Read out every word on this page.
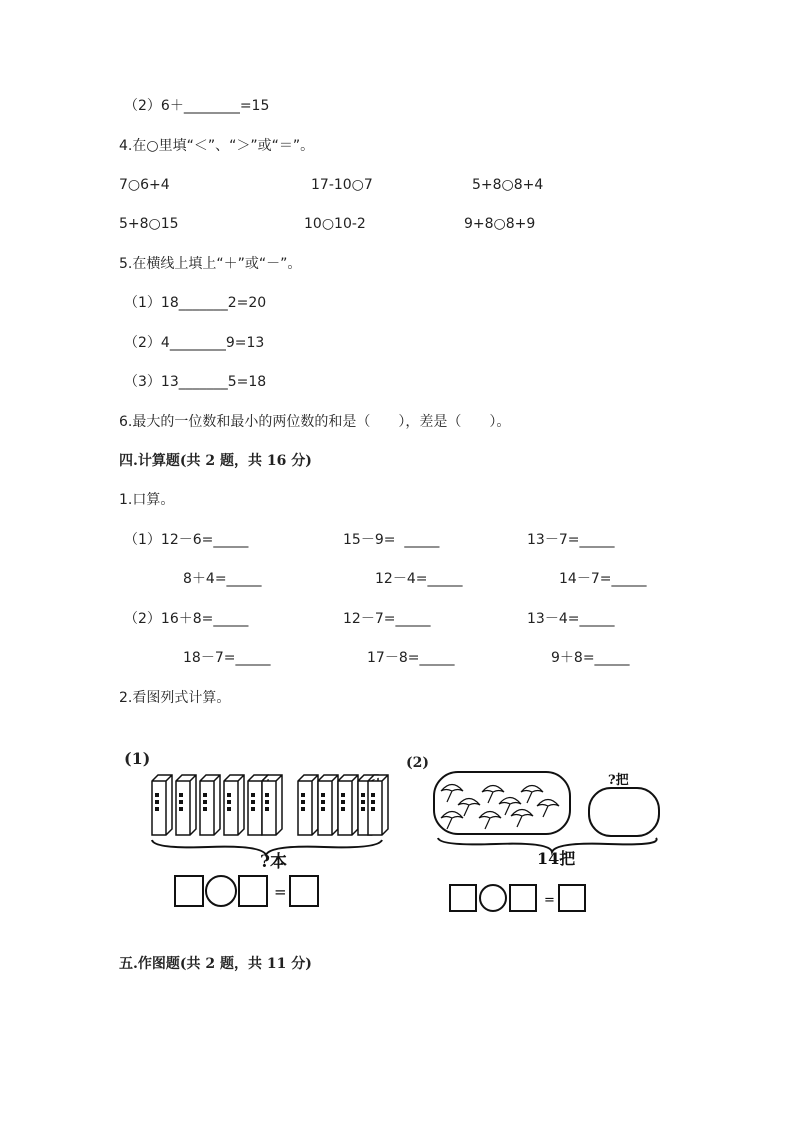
（2）6＋________=15
4.在○里填“＜”、“＞”或“＝”。
7○6+4	17-10○7	5+8○8+4
5+8○15	10○10-2	9+8○8+9
5.在横线上填上“＋”或“－”。
（1）18_______2=20
（2）4________9=13
（3）13_______5=18
6.最大的一位数和最小的两位数的和是（　　），差是（　　）。
四.计算题(共 2 题，共 16 分)
1.口算。
（1）12－6=_____	15－9=  _____	13－7=_____
8＋4=_____	12－4=_____	14－7=_____
（2）16＋8=_____	12－7=_____	13－4=_____
18－7=_____	17－8=_____	9＋8=_____
2.看图列式计算。
(1)
?本
=
(2)
?把
14把
=
五.作图题(共 2 题，共 11 分)
